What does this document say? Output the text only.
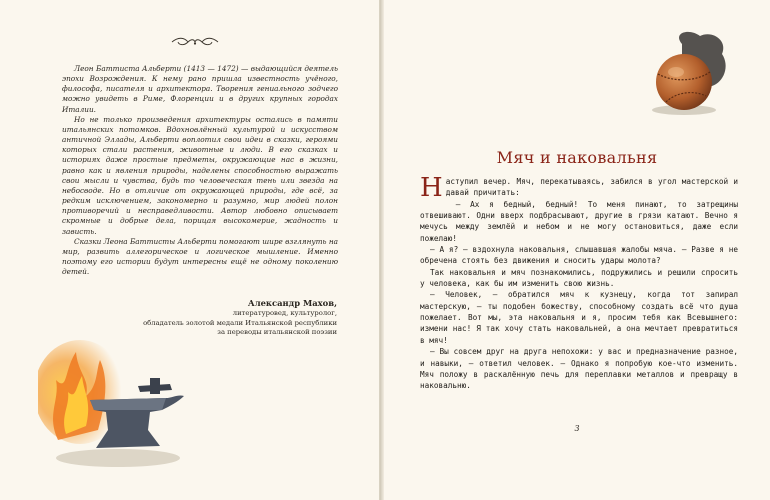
Леон Баттиста Альберти (1413 — 1472) — выдающийся деятель эпохи Возрождения. К нему рано пришла известность учёного, философа, писателя и архитектора. Творения гениального зодчего можно увидеть в Риме, Флоренции и в других крупных городах Италии.

Но не только произведения архитектуры остались в памяти итальянских потомков. Вдохновлённый культурой и искусством античной Эллады, Альберти воплотил свои идеи в сказки, героями которых стали растения, животные и люди. В его сказках и историях даже простые предметы, окружающие нас в жизни, равно как и явления природы, наделены способностью выражать свои мысли и чувства, будь то человеческая тень или звезда на небосводе. Но в отличие от окружающей природы, где всё, за редким исключением, закономерно и разумно, мир людей полон противоречий и несправедливости. Автор любовно описывает скромные и добрые дела, порицая высокомерие, жадность и зависть.

Сказки Леона Баттисты Альберти помогают шире взглянуть на мир, развить аллегорическое и логическое мышление. Именно поэтому его истории будут интересны ещё не одному поколению детей.

Александр Махов,
литературовед, культуролог,
обладатель золотой медали Итальянской республики
за переводы итальянской поэзии
Мяч и наковальня

Наступил вечер. Мяч, перекатываясь, забился в угол мастерской и давай причитать:

— Ах я бедный, бедный! То меня пинают, то затрещины отвешивают. Одни вверх подбрасывают, другие в грязи катают. Вечно я мечусь между землёй и небом и не могу остановиться, даже если пожелаю!

— А я? — вздохнула наковальня, слышавшая жалобы мяча. — Разве я не обречена стоять без движения и сносить удары молота?

Так наковальня и мяч познакомились, подружились и решили спросить у человека, как бы им изменить свою жизнь.

— Человек, — обратился мяч к кузнецу, когда тот запирал мастерскую, — ты подобен божеству, способному создать всё что душа пожелает. Вот мы, эта наковальня и я, просим тебя как Всевышнего: измени нас! Я так хочу стать наковальней, а она мечтает превратиться в мяч!

— Вы совсем друг на друга непохожи: у вас и предназначение разное, и навыки, — ответил человек. — Однако я попробую кое-что изменить. Мяч положу в раскалённую печь для переплавки металлов и превращу в наковальню.

3
